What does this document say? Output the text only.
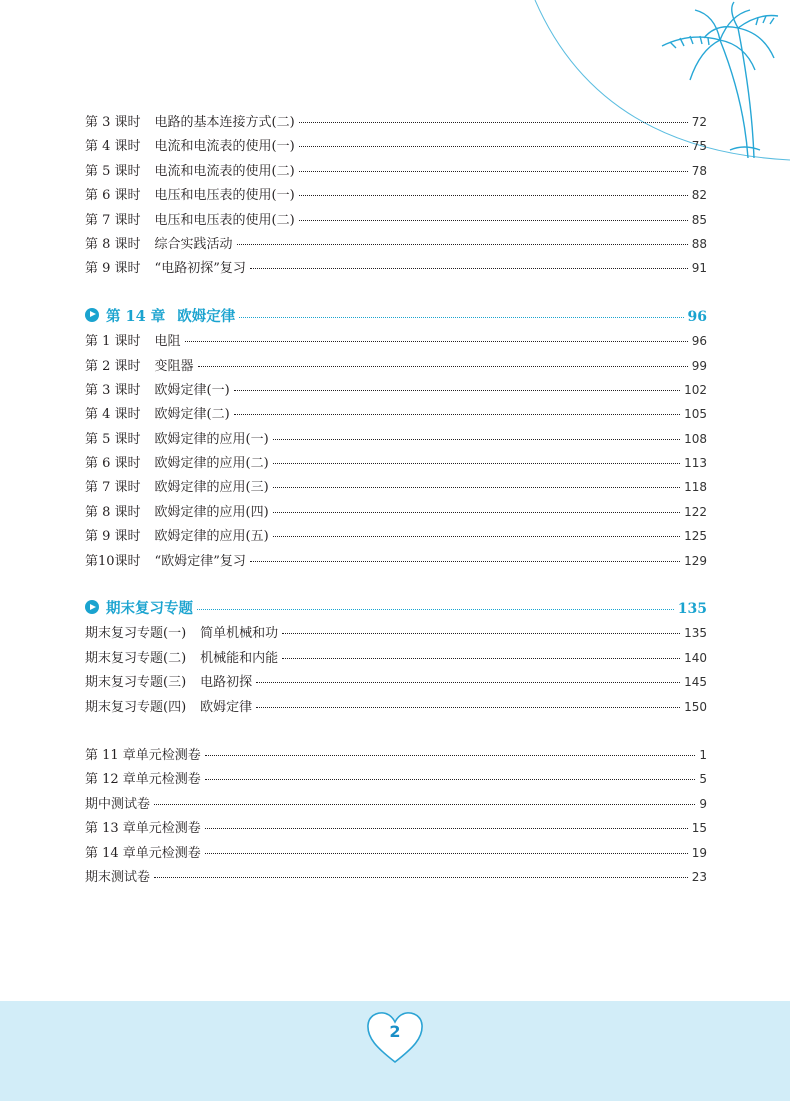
第 3 课时 电路的基本连接方式(二)	72
第 4 课时 电流和电流表的使用(一)	75
第 5 课时 电流和电流表的使用(二)	78
第 6 课时 电压和电压表的使用(一)	82
第 7 课时 电压和电压表的使用(二)	85
第 8 课时 综合实践活动	88
第 9 课时 “电路初探”复习	91
第 14 章 欧姆定律	96
第 1 课时 电阻	96
第 2 课时 变阻器	99
第 3 课时 欧姆定律(一)	102
第 4 课时 欧姆定律(二)	105
第 5 课时 欧姆定律的应用(一)	108
第 6 课时 欧姆定律的应用(二)	113
第 7 课时 欧姆定律的应用(三)	118
第 8 课时 欧姆定律的应用(四)	122
第 9 课时 欧姆定律的应用(五)	125
第10课时 “欧姆定律”复习	129
期末复习专题	135
期末复习专题(一) 简单机械和功	135
期末复习专题(二) 机械能和内能	140
期末复习专题(三) 电路初探	145
期末复习专题(四) 欧姆定律	150
第 11 章单元检测卷	1
第 12 章单元检测卷	5
期中测试卷	9
第 13 章单元检测卷	15
第 14 章单元检测卷	19
期末测试卷	23
2
